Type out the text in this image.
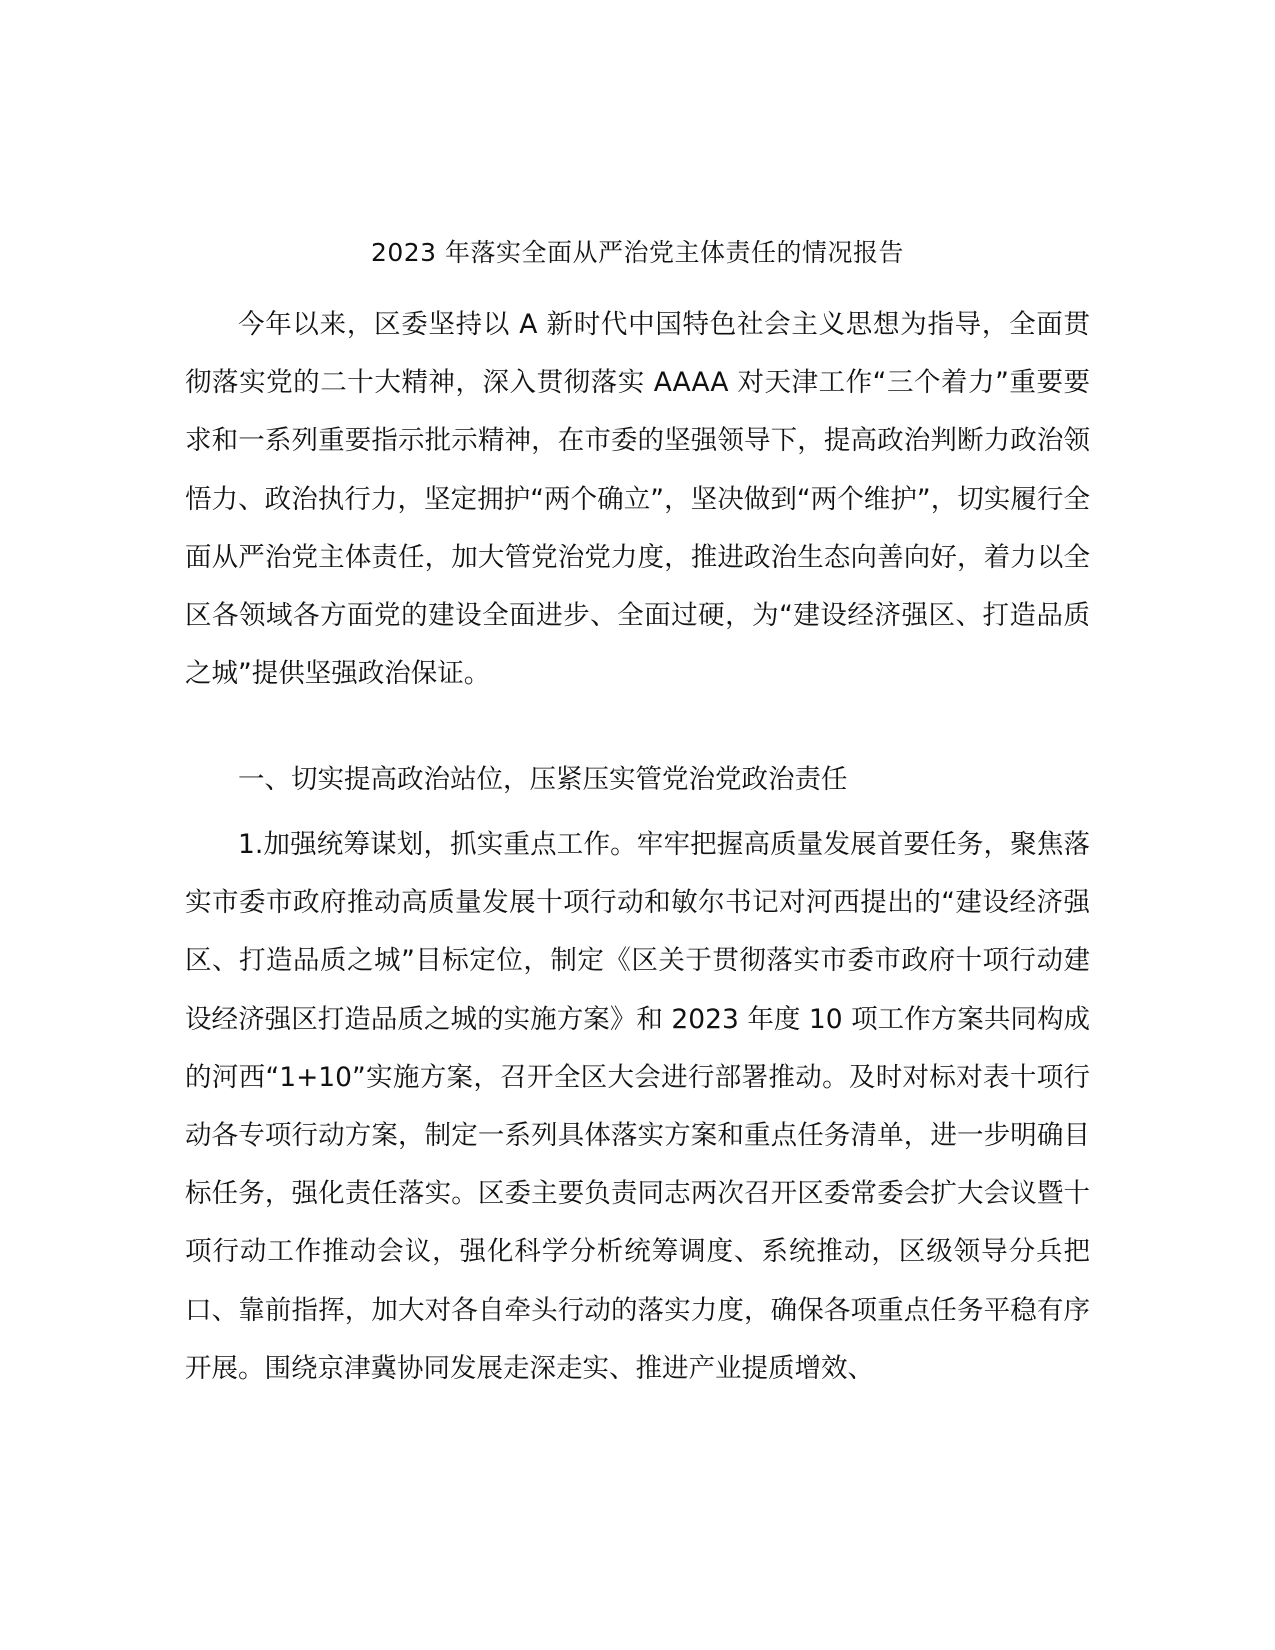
2023 年落实全面从严治党主体责任的情况报告
今年以来，区委坚持以 A 新时代中国特色社会主义思想为指导，全面贯彻落实党的二十大精神，深入贯彻落实 AAAA 对天津工作“三个着力”重要要求和一系列重要指示批示精神，在市委的坚强领导下，提高政治判断力政治领悟力、政治执行力，坚定拥护“两个确立”，坚决做到“两个维护”，切实履行全面从严治党主体责任，加大管党治党力度，推进政治生态向善向好，着力以全区各领域各方面党的建设全面进步、全面过硬，为“建设经济强区、打造品质之城”提供坚强政治保证。
一、切实提高政治站位，压紧压实管党治党政治责任
1.加强统筹谋划，抓实重点工作。牢牢把握高质量发展首要任务，聚焦落实市委市政府推动高质量发展十项行动和敏尔书记对河西提出的“建设经济强区、打造品质之城”目标定位，制定《区关于贯彻落实市委市政府十项行动建设经济强区打造品质之城的实施方案》和 2023 年度 10 项工作方案共同构成的河西“1+10”实施方案，召开全区大会进行部署推动。及时对标对表十项行动各专项行动方案，制定一系列具体落实方案和重点任务清单，进一步明确目标任务，强化责任落实。区委主要负责同志两次召开区委常委会扩大会议暨十项行动工作推动会议，强化科学分析统筹调度、系统推动，区级领导分兵把口、靠前指挥，加大对各自牵头行动的落实力度，确保各项重点任务平稳有序开展。围绕京津冀协同发展走深走实、推进产业提质增效、
